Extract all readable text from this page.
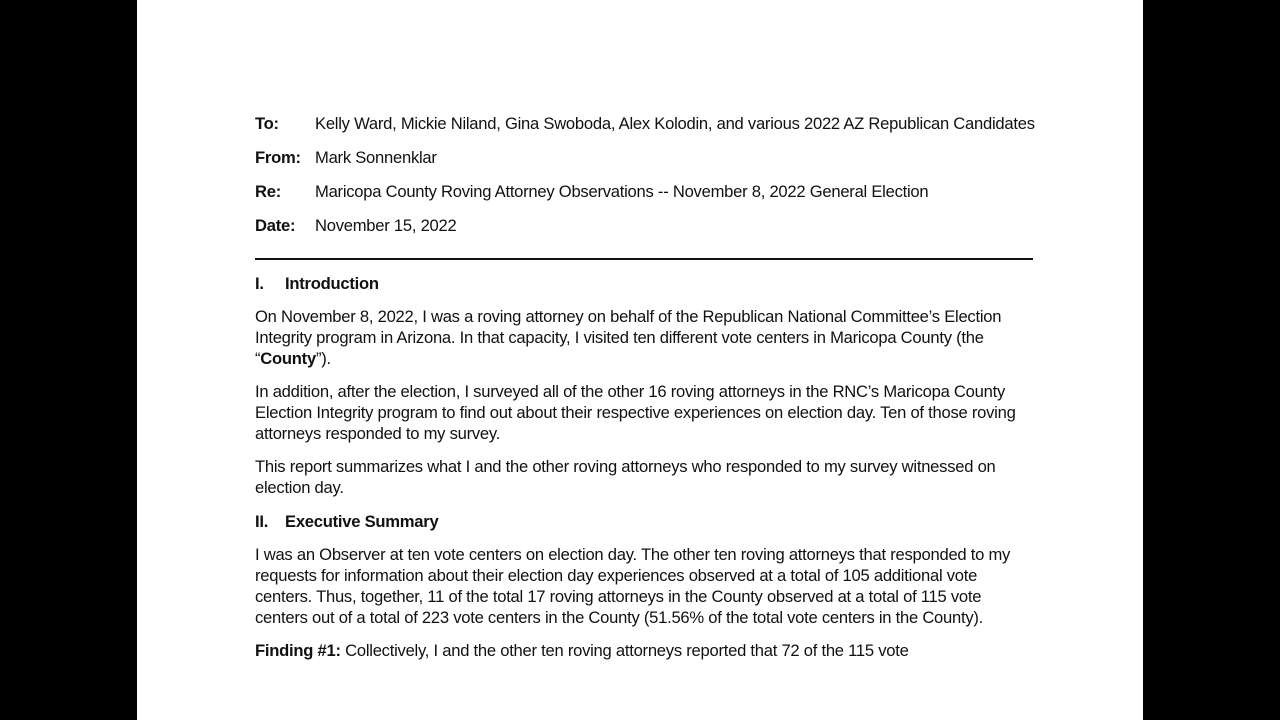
To:	Kelly Ward, Mickie Niland, Gina Swoboda, Alex Kolodin, and various 2022 AZ Republican Candidates
From: Mark Sonnenklar
Re:	Maricopa County Roving Attorney Observations -- November 8, 2022 General Election
Date:	November 15, 2022
I.	Introduction

On November 8, 2022, I was a roving attorney on behalf of the Republican National Committee’s Election Integrity program in Arizona. In that capacity, I visited ten different vote centers in Maricopa County (the “County”).

In addition, after the election, I surveyed all of the other 16 roving attorneys in the RNC’s Maricopa County Election Integrity program to find out about their respective experiences on election day. Ten of those roving attorneys responded to my survey.

This report summarizes what I and the other roving attorneys who responded to my survey witnessed on election day.

II.	Executive Summary

I was an Observer at ten vote centers on election day. The other ten roving attorneys that responded to my requests for information about their election day experiences observed at a total of 105 additional vote centers. Thus, together, 11 of the total 17 roving attorneys in the County observed at a total of 115 vote centers out of a total of 223 vote centers in the County (51.56% of the total vote centers in the County).

Finding #1: Collectively, I and the other ten roving attorneys reported that 72 of the 115 vote
